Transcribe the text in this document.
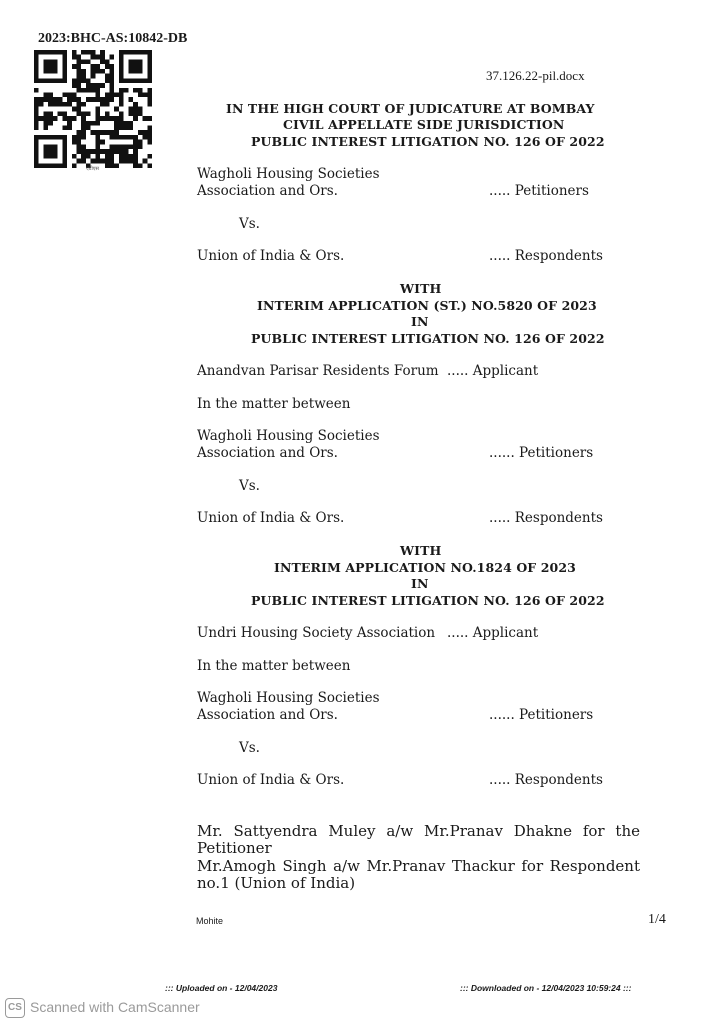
2023:BHC-AS:10842-DB
एडीएस
37.126.22-pil.docx
IN THE HIGH COURT OF JUDICATURE AT BOMBAY
CIVIL APPELLATE SIDE JURISDICTION
PUBLIC INTEREST LITIGATION NO. 126 OF 2022
Wagholi Housing Societies
Association and Ors.	..... Petitioners
Vs.
Union of India & Ors.	..... Respondents
WITH
INTERIM APPLICATION (ST.) NO.5820 OF 2023
IN
PUBLIC INTEREST LITIGATION NO. 126 OF 2022
Anandvan Parisar Residents Forum ..... Applicant
In the matter between
Wagholi Housing Societies
Association and Ors.	...... Petitioners
Vs.
Union of India & Ors.	..... Respondents
WITH
INTERIM APPLICATION NO.1824 OF 2023
IN
PUBLIC INTEREST LITIGATION NO. 126 OF 2022
Undri Housing Society Association ..... Applicant
In the matter between
Wagholi Housing Societies
Association and Ors.	...... Petitioners
Vs.
Union of India & Ors.	..... Respondents
Mr. Sattyendra Muley a/w Mr.Pranav Dhakne for the Petitioner
Mr.Amogh Singh a/w Mr.Pranav Thackur for Respondent no.1 (Union of India)
Mohite	1/4
::: Uploaded on - 12/04/2023	::: Downloaded on - 12/04/2023 10:59:24 :::
CS Scanned with CamScanner
